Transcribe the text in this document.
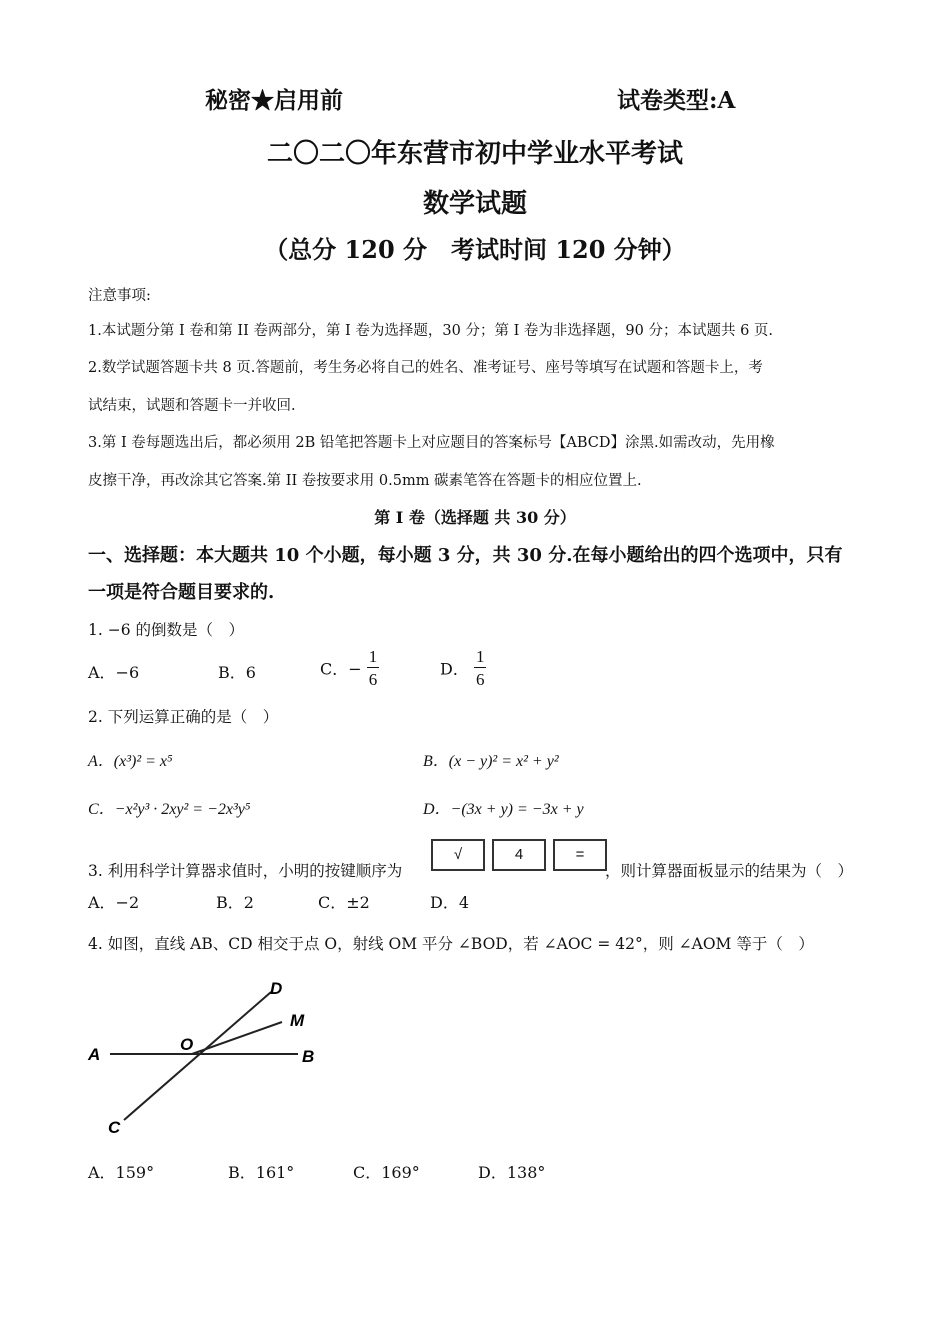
秘密★启用前	试卷类型:A
二〇二〇年东营市初中学业水平考试
数学试题
（总分 120 分　考试时间 120 分钟）
注意事项:
1.本试题分第 I 卷和第 II 卷两部分，第 I 卷为选择题，30 分；第 I 卷为非选择题，90 分；本试题共 6 页.
2.数学试题答题卡共 8 页.答题前，考生务必将自己的姓名、准考证号、座号等填写在试题和答题卡上，考
试结束，试题和答题卡一并收回.
3.第 I 卷每题选出后，都必须用 2B 铅笔把答题卡上对应题目的答案标号【ABCD】涂黑.如需改动，先用橡
皮擦干净，再改涂其它答案.第 II 卷按要求用 0.5mm 碳素笔答在答题卡的相应位置上.
第 I 卷（选择题 共 30 分）
一、选择题：本大题共 10 个小题，每小题 3 分，共 30 分.在每小题给出的四个选项中，只有
一项是符合题目要求的.
1. −6 的倒数是（　）
A．−6	B．6	C．− $\frac{1}{6}$	D． $\frac{1}{6}$
2. 下列运算正确的是（　）
A．(x³)² = x⁵	B．(x − y)² = x² + y²
C．−x²y³ · 2xy² = −2x³y⁵	D．−(3x + y) = −3x + y
3. 利用科学计算器求值时，小明的按键顺序为
√	4	=
，则计算器面板显示的结果为（　）
A．−2	B．2	C．±2	D．4
4. 如图，直线 AB、CD 相交于点 O，射线 OM 平分 ∠BOD，若 ∠AOC = 42°，则 ∠AOM 等于（　）
A	B
C
D
M
O
A．159°	B．161°	C．169°	D．138°
